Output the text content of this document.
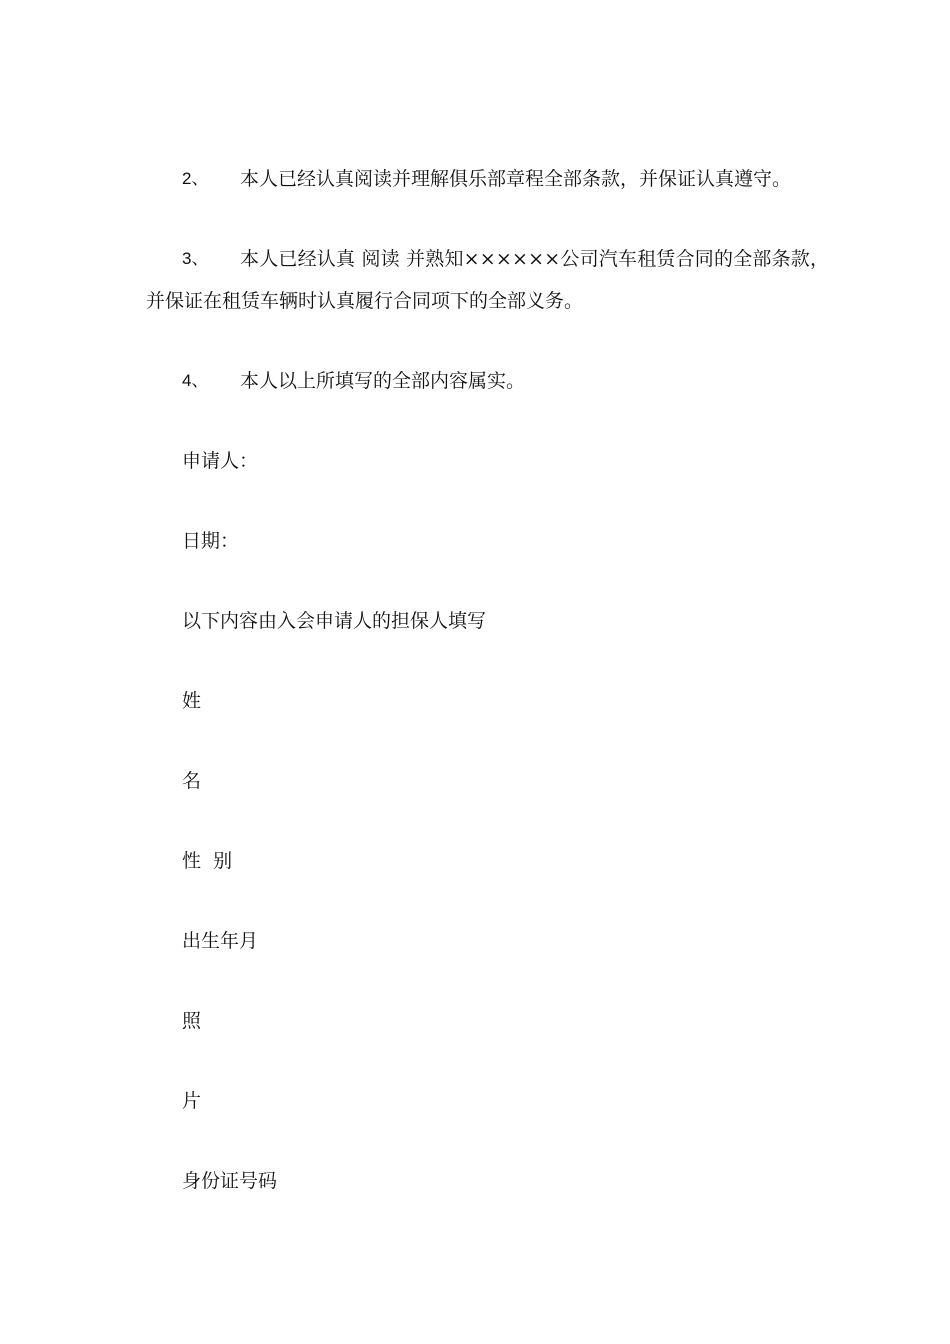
2、 本人已经认真阅读并理解俱乐部章程全部条款，并保证认真遵守。
3、 本人已经认真 阅读 并熟知××××××公司汽车租赁合同的全部条款，
并保证在租赁车辆时认真履行合同项下的全部义务。
4、 本人以上所填写的全部内容属实。
申请人：
日期：
以下内容由入会申请人的担保人填写
姓
名
性  别
出生年月
照
片
身份证号码
